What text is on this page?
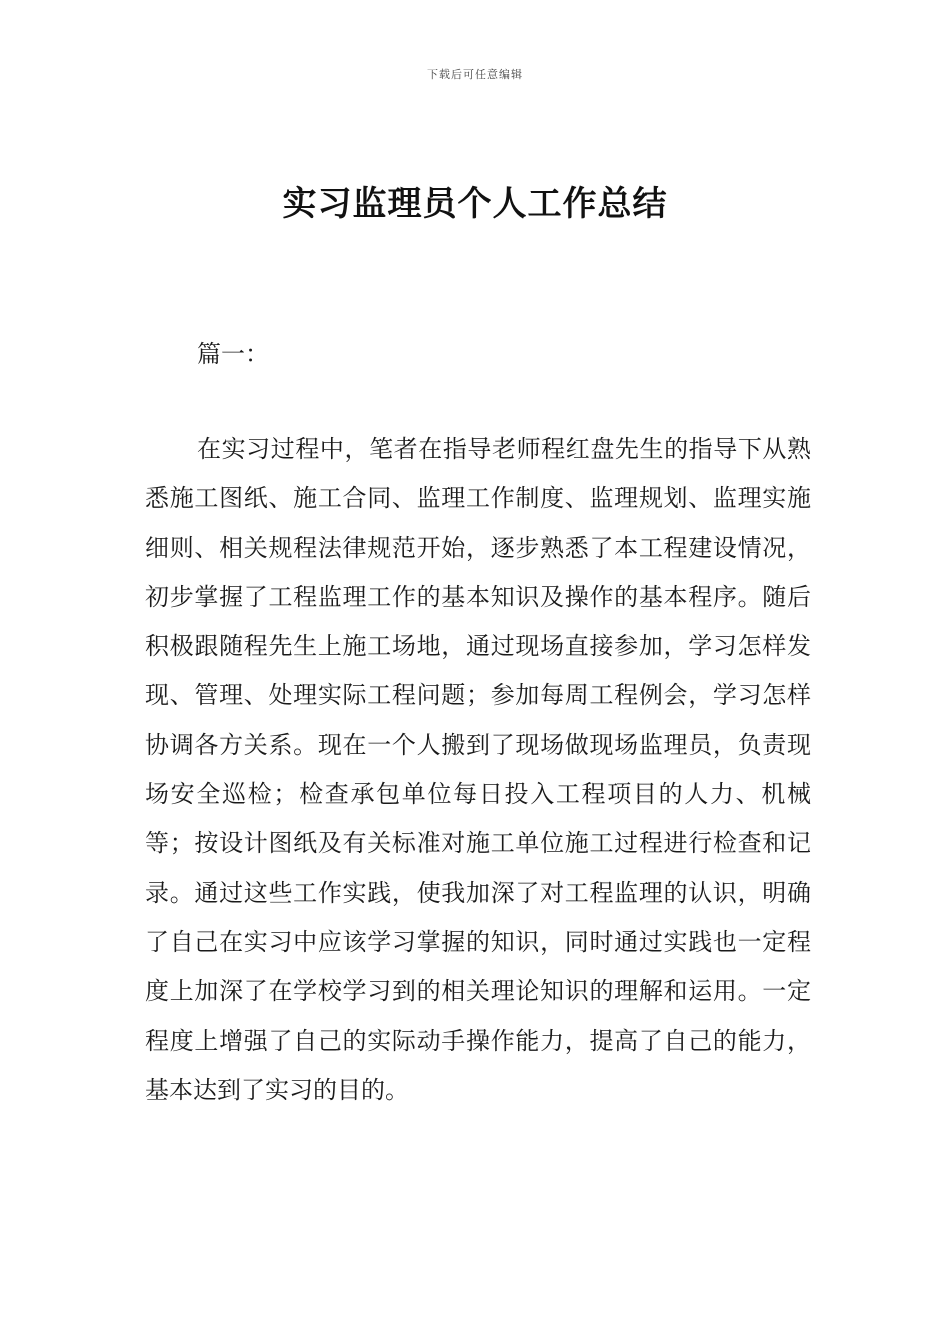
下载后可任意编辑
实习监理员个人工作总结

篇一：

在实习过程中，笔者在指导老师程红盘先生的指导下从熟悉施工图纸、施工合同、监理工作制度、监理规划、监理实施细则、相关规程法律规范开始，逐步熟悉了本工程建设情况，初步掌握了工程监理工作的基本知识及操作的基本程序。随后积极跟随程先生上施工场地，通过现场直接参加，学习怎样发现、管理、处理实际工程问题；参加每周工程例会，学习怎样协调各方关系。现在一个人搬到了现场做现场监理员，负责现场安全巡检；检查承包单位每日投入工程项目的人力、机械等；按设计图纸及有关标准对施工单位施工过程进行检查和记录。通过这些工作实践，使我加深了对工程监理的认识，明确了自己在实习中应该学习掌握的知识，同时通过实践也一定程度上加深了在学校学习到的相关理论知识的理解和运用。一定程度上增强了自己的实际动手操作能力，提高了自己的能力，基本达到了实习的目的。
